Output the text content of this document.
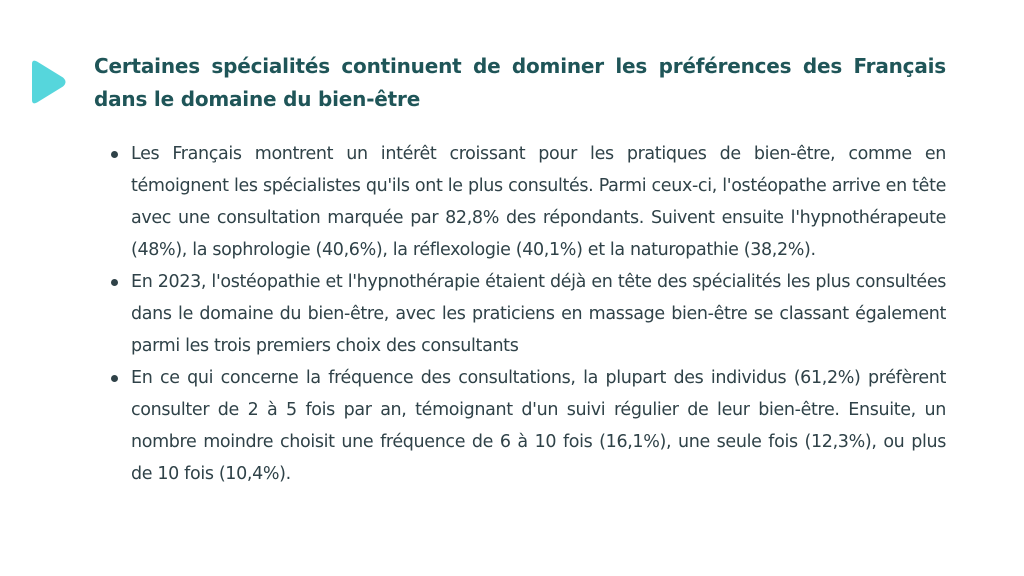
Certaines spécialités continuent de dominer les préférences des Français dans le domaine du bien-être
Les Français montrent un intérêt croissant pour les pratiques de bien-être, comme en témoignent les spécialistes qu'ils ont le plus consultés. Parmi ceux-ci, l'ostéopathe arrive en tête avec une consultation marquée par 82,8% des répondants. Suivent ensuite l'hypnothérapeute (48%), la sophrologie (40,6%), la réflexologie (40,1%) et la naturopathie (38,2%).
En 2023, l'ostéopathie et l'hypnothérapie étaient déjà en tête des spécialités les plus consultées dans le domaine du bien-être, avec les praticiens en massage bien-être se classant également parmi les trois premiers choix des consultants
En ce qui concerne la fréquence des consultations, la plupart des individus (61,2%) préfèrent consulter de 2 à 5 fois par an, témoignant d'un suivi régulier de leur bien-être. Ensuite, un nombre moindre choisit une fréquence de 6 à 10 fois (16,1%), une seule fois (12,3%), ou plus de 10 fois (10,4%).
